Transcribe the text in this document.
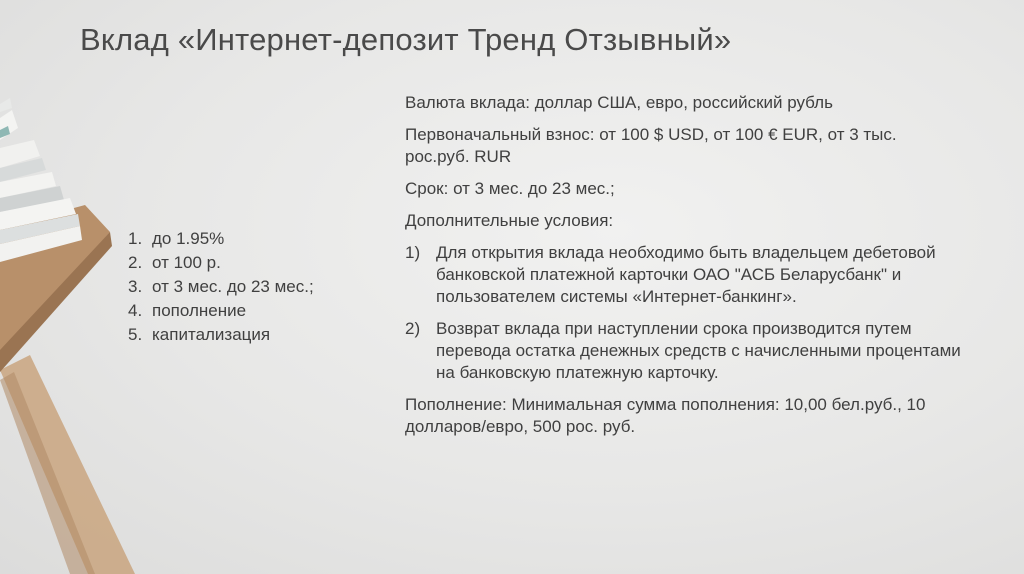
Вклад «Интернет-депозит Тренд Отзывный»
1. до 1.95%
2. от 100 р.
3. от 3 мес. до 23 мес.;
4. пополнение
5. капитализация

Валюта вклада: доллар США, евро, российский рубль

Первоначальный взнос: от 100 $ USD, от 100 € EUR, от 3 тыс. рос.руб. RUR

Срок: от 3 мес. до 23 мес.;

Дополнительные условия:

1) Для открытия вклада необходимо быть владельцем дебетовой банковской платежной карточки ОАО "АСБ Беларусбанк" и пользователем системы «Интернет-банкинг».
2) Возврат вклада при наступлении срока производится путем перевода остатка денежных средств с начисленными процентами на банковскую платежную карточку.

Пополнение: Минимальная сумма пополнения: 10,00 бел.руб., 10 долларов/евро, 500 рос. руб.
